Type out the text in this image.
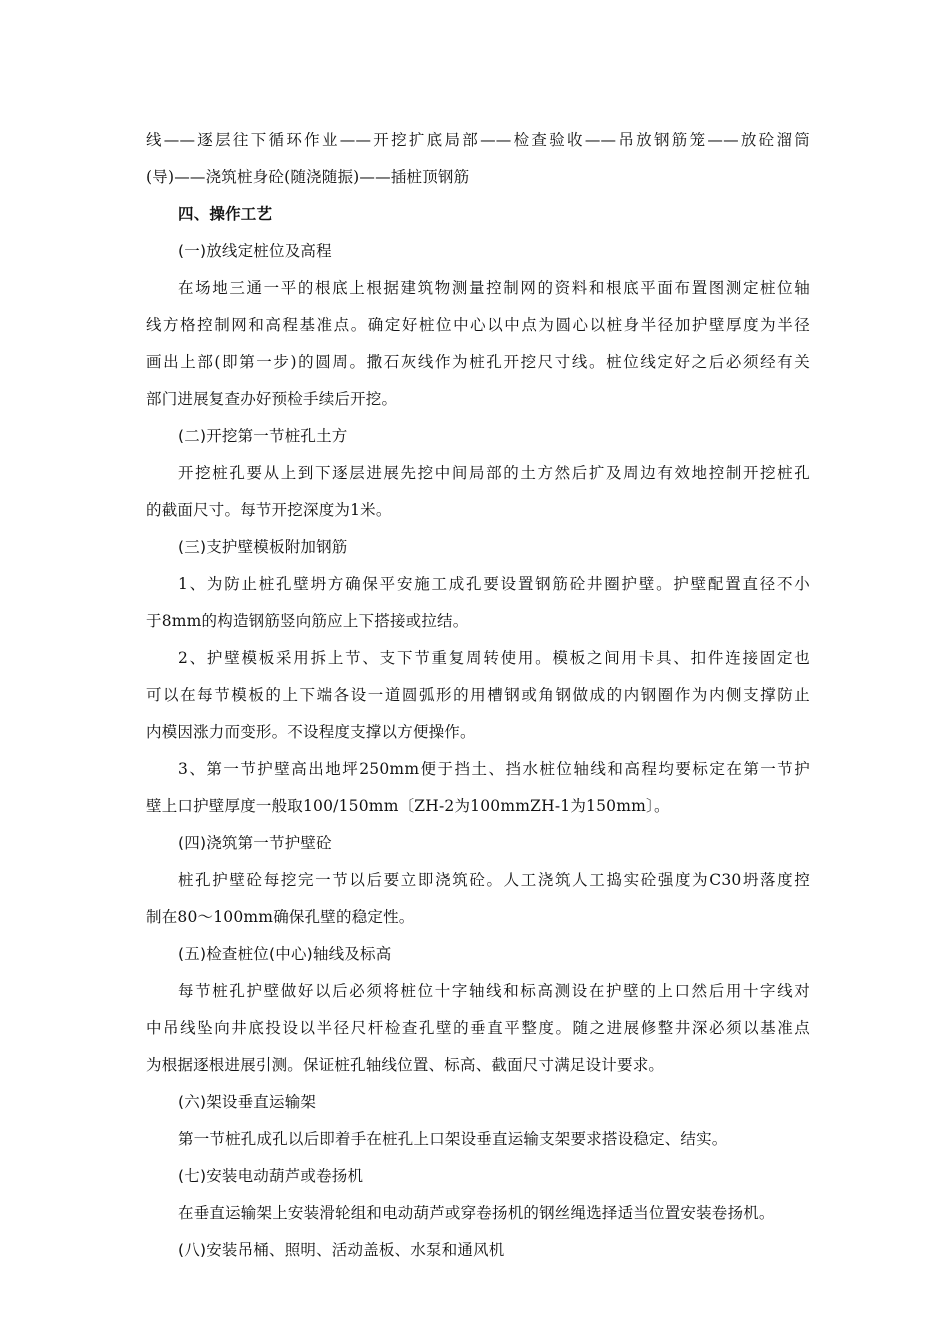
线——逐层往下循环作业——开挖扩底局部——检查验收——吊放钢筋笼——放砼溜筒
(导)——浇筑桩身砼(随浇随振)——插桩顶钢筋
四、操作工艺
(一)放线定桩位及高程
在场地三通一平的根底上根据建筑物测量控制网的资料和根底平面布置图测定桩位轴
线方格控制网和高程基准点。确定好桩位中心以中点为圆心以桩身半径加护壁厚度为半径
画出上部(即第一步)的圆周。撒石灰线作为桩孔开挖尺寸线。桩位线定好之后必须经有关
部门进展复查办好预检手续后开挖。
(二)开挖第一节桩孔土方
开挖桩孔要从上到下逐层进展先挖中间局部的土方然后扩及周边有效地控制开挖桩孔
的截面尺寸。每节开挖深度为1米。
(三)支护壁模板附加钢筋
1、为防止桩孔壁坍方确保平安施工成孔要设置钢筋砼井圈护壁。护壁配置直径不小
于8mm的构造钢筋竖向筋应上下搭接或拉结。
2、护壁模板采用拆上节、支下节重复周转使用。模板之间用卡具、扣件连接固定也
可以在每节模板的上下端各设一道圆弧形的用槽钢或角钢做成的内钢圈作为内侧支撑防止
内模因涨力而变形。不设程度支撑以方便操作。
3、第一节护壁高出地坪250mm便于挡土、挡水桩位轴线和高程均要标定在第一节护
壁上口护壁厚度一般取100/150mm〔ZH-2为100mmZH-1为150mm〕。
(四)浇筑第一节护壁砼
桩孔护壁砼每挖完一节以后要立即浇筑砼。人工浇筑人工捣实砼强度为C30坍落度控
制在80～100mm确保孔壁的稳定性。
(五)检查桩位(中心)轴线及标高
每节桩孔护壁做好以后必须将桩位十字轴线和标高测设在护壁的上口然后用十字线对
中吊线坠向井底投设以半径尺杆检查孔壁的垂直平整度。随之进展修整井深必须以基准点
为根据逐根进展引测。保证桩孔轴线位置、标高、截面尺寸满足设计要求。
(六)架设垂直运输架
第一节桩孔成孔以后即着手在桩孔上口架设垂直运输支架要求搭设稳定、结实。
(七)安装电动葫芦或卷扬机
在垂直运输架上安装滑轮组和电动葫芦或穿卷扬机的钢丝绳选择适当位置安装卷扬机。
(八)安装吊桶、照明、活动盖板、水泵和通风机
